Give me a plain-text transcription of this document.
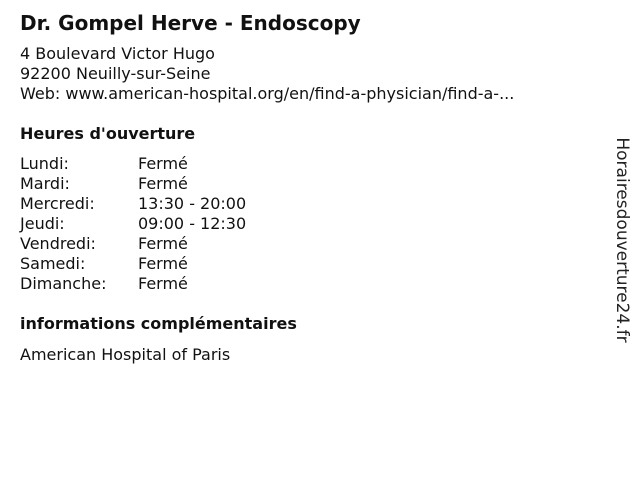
Dr. Gompel Herve - Endoscopy
4 Boulevard Victor Hugo
92200 Neuilly-sur-Seine
Web: www.american-hospital.org/en/find-a-physician/find-a-...
Heures d'ouverture
Lundi:	Fermé
Mardi:	Fermé
Mercredi:	13:30 - 20:00
Jeudi:	09:00 - 12:30
Vendredi:	Fermé
Samedi:	Fermé
Dimanche:	Fermé
informations complémentaires
American Hospital of Paris
Horairesdouverture24.fr
